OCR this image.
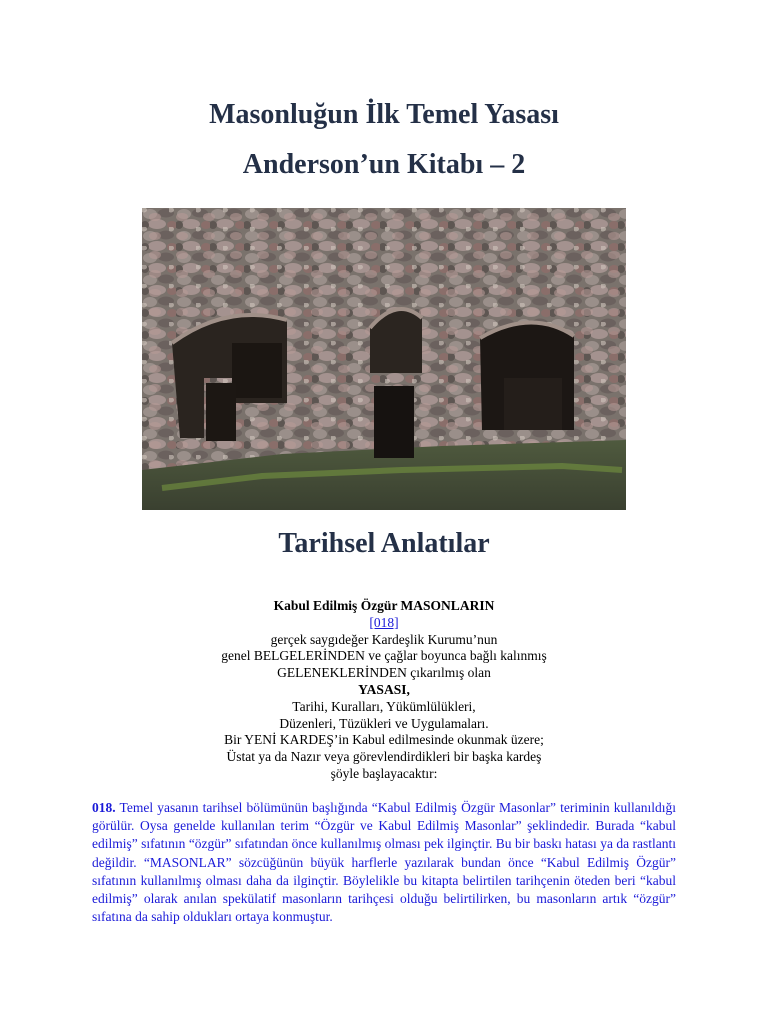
Masonluğun İlk Temel Yasası
Anderson’un Kitabı – 2
Tarihsel Anlatılar
Kabul Edilmiş Özgür MASONLARIN
[018]
gerçek saygıdeğer Kardeşlik Kurumu’nun
genel BELGELERİNDEN ve çağlar boyunca bağlı kalınmış
GELENEKLERİNDEN çıkarılmış olan
YASASI,
Tarihi, Kuralları, Yükümlülükleri,
Düzenleri, Tüzükleri ve Uygulamaları.
Bir YENİ KARDEŞ’in Kabul edilmesinde okunmak üzere;
Üstat ya da Nazır veya görevlendirdikleri bir başka kardeş
şöyle başlayacaktır:
018. Temel yasanın tarihsel bölümünün başlığında “Kabul Edilmiş Özgür Masonlar” teriminin kullanıldığı görülür. Oysa genelde kullanılan terim “Özgür ve Kabul Edilmiş Masonlar” şeklindedir. Burada “kabul edilmiş” sıfatının “özgür” sıfatından önce kullanılmış olması pek ilginçtir. Bu bir baskı hatası ya da rastlantı değildir. “MASONLAR” sözcüğünün büyük harflerle yazılarak bundan önce “Kabul Edilmiş Özgür” sıfatının kullanılmış olması daha da ilginçtir. Böylelikle bu kitapta belirtilen tarihçenin öteden beri “kabul edilmiş” olarak anılan spekülatif masonların tarihçesi olduğu belirtilirken, bu masonların artık “özgür” sıfatına da sahip oldukları ortaya konmuştur.
